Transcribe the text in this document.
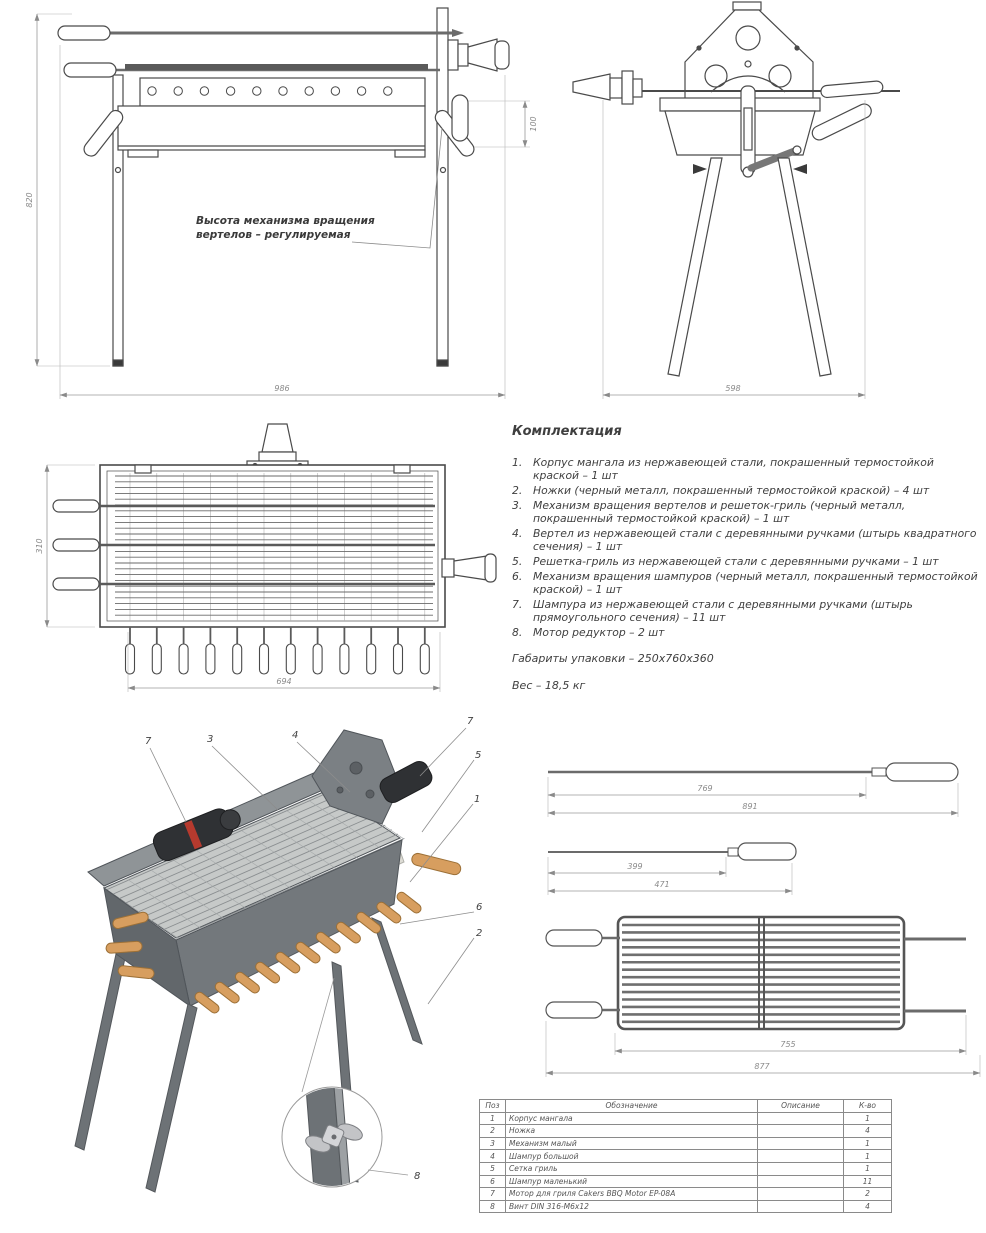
820
986
100
Высота механизма вращения
вертелов – регулируемая
598
310
694
Комплектация
1. Корпус мангала из нержавеющей стали, покрашенный термостойкой краской – 1 шт
2. Ножки (черный металл, покрашенный термостойкой краской) – 4 шт
3. Механизм вращения вертелов и решеток-гриль (черный металл, покрашенный термостойкой краской) – 1 шт
4. Вертел из нержавеющей стали с деревянными ручками (штырь квадратного сечения) – 1 шт
5. Решетка-гриль из нержавеющей стали с деревянными ручками – 1 шт
6. Механизм вращения шампуров (черный металл, покрашенный термостойкой краской) – 1 шт
7. Шампура из нержавеющей стали с деревянными ручками (штырь прямоугольного сечения) – 11 шт
8. Мотор редуктор – 2 шт
Габариты упаковки – 250х760х360
Вес – 18,5 кг
7	3	4
7
5
1
6
2
8
769
891
399
471
755
877
Поз	Обозначение	Описание	К-во
1	Корпус мангала		1
2	Ножка		4
3	Механизм малый		1
4	Шампур большой		1
5	Сетка гриль		1
6	Шампур маленький		11
7	Мотор для гриля Cakers BBQ Motor EP-08A		2
8	Винт DIN 316-M6x12		4
